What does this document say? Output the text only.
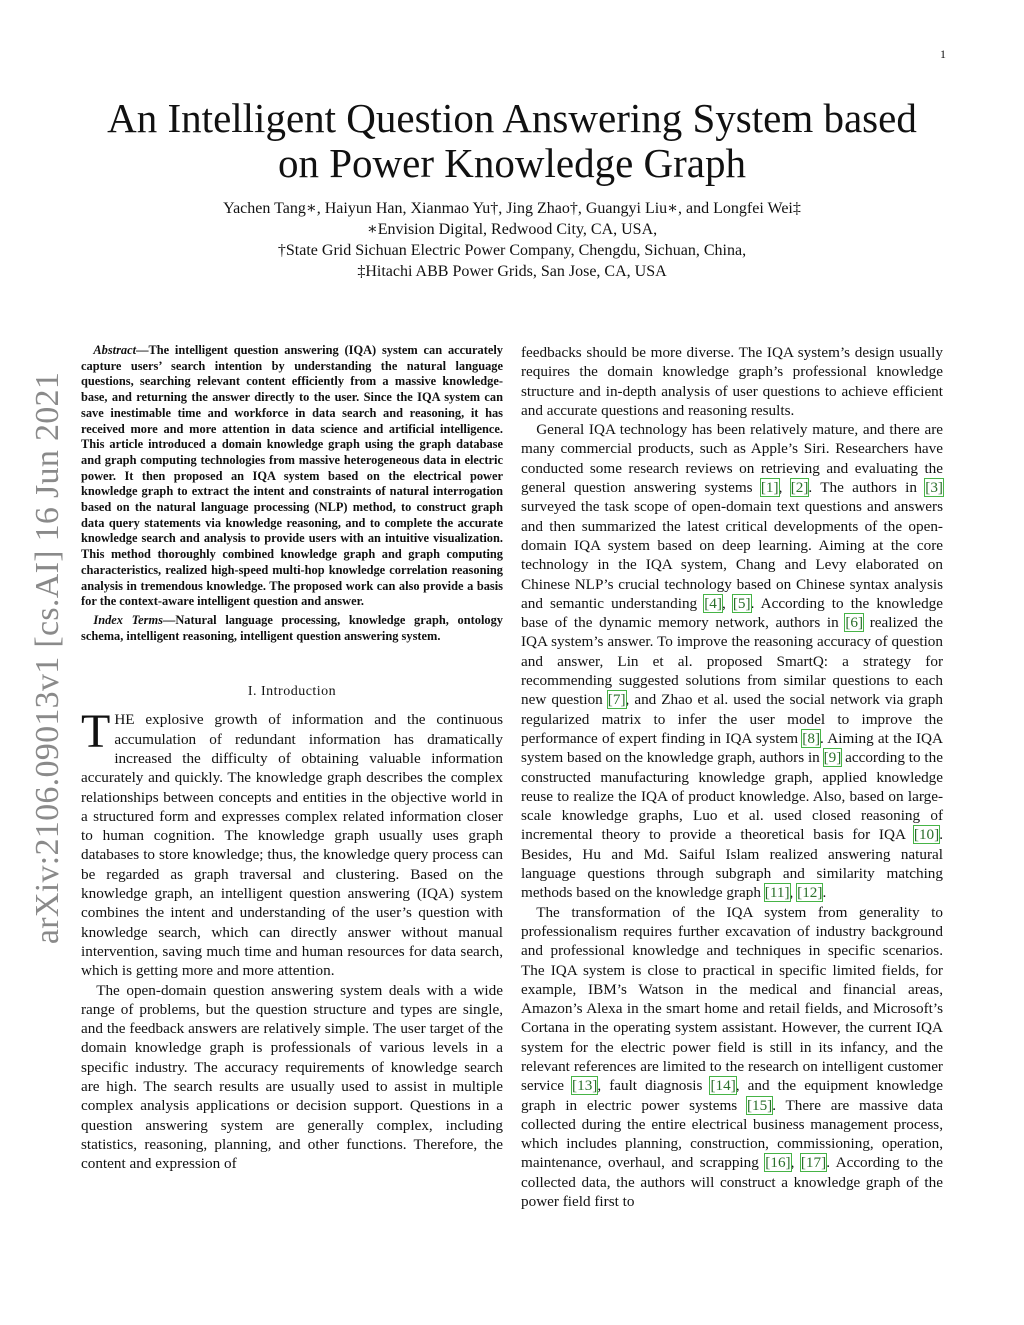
1
arXiv:2106.09013v1 [cs.AI] 16 Jun 2021
An Intelligent Question Answering System based
on Power Knowledge Graph
Yachen Tang∗, Haiyun Han, Xianmao Yu†, Jing Zhao†, Guangyi Liu∗, and Longfei Wei‡
∗Envision Digital, Redwood City, CA, USA,
†State Grid Sichuan Electric Power Company, Chengdu, Sichuan, China,
‡Hitachi ABB Power Grids, San Jose, CA, USA

Abstract—The intelligent question answering (IQA) system can accurately capture users’ search intention by understanding the natural language questions, searching relevant content efficiently from a massive knowledge-base, and returning the answer directly to the user. Since the IQA system can save inestimable time and workforce in data search and reasoning, it has received more and more attention in data science and artificial intelligence. This article introduced a domain knowledge graph using the graph database and graph computing technologies from massive heterogeneous data in electric power. It then proposed an IQA system based on the electrical power knowledge graph to extract the intent and constraints of natural interrogation based on the natural language processing (NLP) method, to construct graph data query statements via knowledge reasoning, and to complete the accurate knowledge search and analysis to provide users with an intuitive visualization. This method thoroughly combined knowledge graph and graph computing characteristics, realized high-speed multi-hop knowledge correlation reasoning analysis in tremendous knowledge. The proposed work can also provide a basis for the context-aware intelligent question and answer.

Index Terms—Natural language processing, knowledge graph, ontology schema, intelligent reasoning, intelligent question answering system.

I. Introduction

THE explosive growth of information and the continuous accumulation of redundant information has dramatically increased the difficulty of obtaining valuable information accurately and quickly. The knowledge graph describes the complex relationships between concepts and entities in the objective world in a structured form and expresses complex related information closer to human cognition. The knowledge graph usually uses graph databases to store knowledge; thus, the knowledge query process can be regarded as graph traversal and clustering. Based on the knowledge graph, an intelligent question answering (IQA) system combines the intent and understanding of the user’s question with knowledge search, which can directly answer without manual intervention, saving much time and human resources for data search, which is getting more and more attention.

The open-domain question answering system deals with a wide range of problems, but the question structure and types are single, and the feedback answers are relatively simple. The user target of the domain knowledge graph is professionals of various levels in a specific industry. The accuracy requirements of knowledge search are high. The search results are usually used to assist in multiple complex analysis applications or decision support. Questions in a question answering system are generally complex, including statistics, reasoning, planning, and other functions. Therefore, the content and expression of

feedbacks should be more diverse. The IQA system’s design usually requires the domain knowledge graph’s professional knowledge structure and in-depth analysis of user questions to achieve efficient and accurate questions and reasoning results.

General IQA technology has been relatively mature, and there are many commercial products, such as Apple’s Siri. Researchers have conducted some research reviews on retrieving and evaluating the general question answering systems [1], [2]. The authors in [3] surveyed the task scope of open-domain text questions and answers and then summarized the latest critical developments of the open-domain IQA system based on deep learning. Aiming at the core technology in the IQA system, Chang and Levy elaborated on Chinese NLP’s crucial technology based on Chinese syntax analysis and semantic understanding [4], [5]. According to the knowledge base of the dynamic memory network, authors in [6] realized the IQA system’s answer. To improve the reasoning accuracy of question and answer, Lin et al. proposed SmartQ: a strategy for recommending suggested solutions from similar questions to each new question [7], and Zhao et al. used the social network via graph regularized matrix to infer the user model to improve the performance of expert finding in IQA system [8]. Aiming at the IQA system based on the knowledge graph, authors in [9] according to the constructed manufacturing knowledge graph, applied knowledge reuse to realize the IQA of product knowledge. Also, based on large-scale knowledge graphs, Luo et al. used closed reasoning of incremental theory to provide a theoretical basis for IQA [10]. Besides, Hu and Md. Saiful Islam realized answering natural language questions through subgraph and similarity matching methods based on the knowledge graph [11], [12].

The transformation of the IQA system from generality to professionalism requires further excavation of industry background and professional knowledge and techniques in specific scenarios. The IQA system is close to practical in specific limited fields, for example, IBM’s Watson in the medical and financial areas, Amazon’s Alexa in the smart home and retail fields, and Microsoft’s Cortana in the operating system assistant. However, the current IQA system for the electric power field is still in its infancy, and the relevant references are limited to the research on intelligent customer service [13], fault diagnosis [14], and the equipment knowledge graph in electric power systems [15]. There are massive data collected during the entire electrical business management process, which includes planning, construction, commissioning, operation, maintenance, overhaul, and scrapping [16], [17]. According to the collected data, the authors will construct a knowledge graph of the power field first to
